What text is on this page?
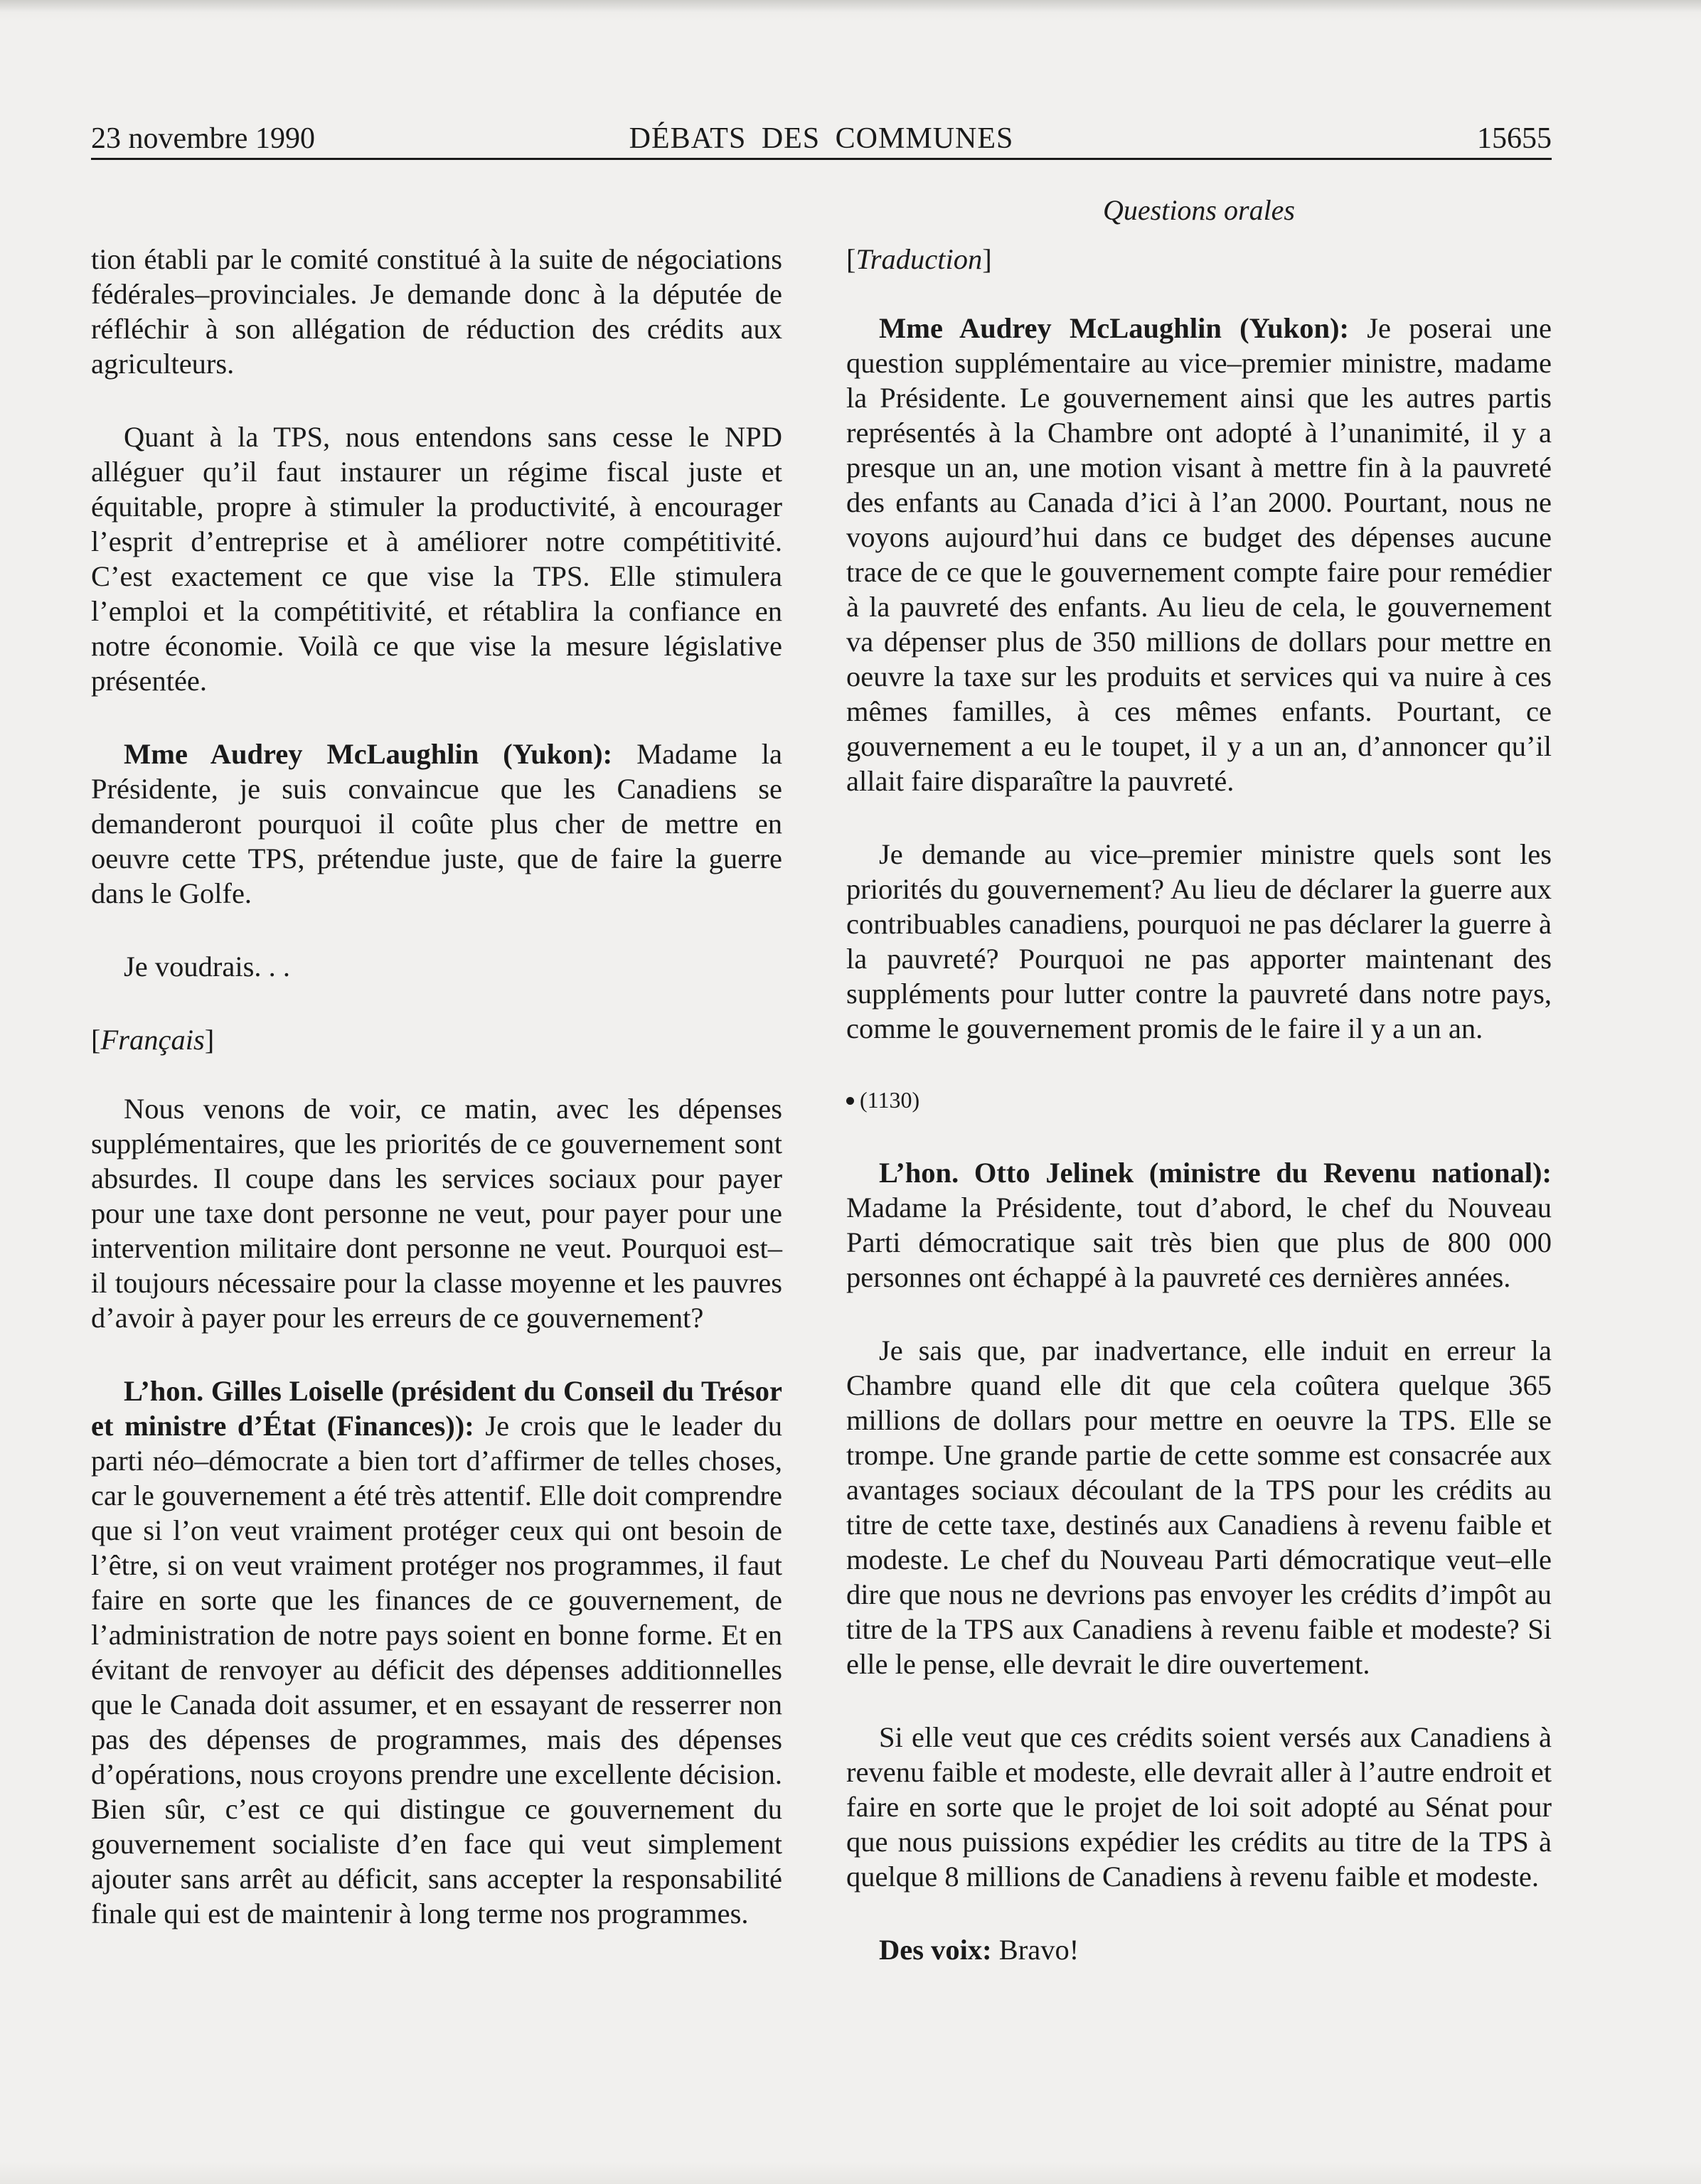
23 novembre 1990	DÉBATS DES COMMUNES	15655
Questions orales

tion établi par le comité constitué à la suite de négociations fédérales–provinciales. Je demande donc à la députée de réfléchir à son allégation de réduction des crédits aux agriculteurs.

Quant à la TPS, nous entendons sans cesse le NPD alléguer qu’il faut instaurer un régime fiscal juste et équitable, propre à stimuler la productivité, à encourager l’esprit d’entreprise et à améliorer notre compétitivité. C’est exactement ce que vise la TPS. Elle stimulera l’emploi et la compétitivité, et rétablira la confiance en notre économie. Voilà ce que vise la mesure législative présentée.

Mme Audrey McLaughlin (Yukon): Madame la Présidente, je suis convaincue que les Canadiens se demanderont pourquoi il coûte plus cher de mettre en oeuvre cette TPS, prétendue juste, que de faire la guerre dans le Golfe.

Je voudrais. . .

[Français]

Nous venons de voir, ce matin, avec les dépenses supplémentaires, que les priorités de ce gouvernement sont absurdes. Il coupe dans les services sociaux pour payer pour une taxe dont personne ne veut, pour payer pour une intervention militaire dont personne ne veut. Pourquoi est–il toujours nécessaire pour la classe moyenne et les pauvres d’avoir à payer pour les erreurs de ce gouvernement?

L’hon. Gilles Loiselle (président du Conseil du Trésor et ministre d’État (Finances)): Je crois que le leader du parti néo–démocrate a bien tort d’affirmer de telles choses, car le gouvernement a été très attentif. Elle doit comprendre que si l’on veut vraiment protéger ceux qui ont besoin de l’être, si on veut vraiment protéger nos programmes, il faut faire en sorte que les finances de ce gouvernement, de l’administration de notre pays soient en bonne forme. Et en évitant de renvoyer au déficit des dépenses additionnelles que le Canada doit assumer, et en essayant de resserrer non pas des dépenses de programmes, mais des dépenses d’opérations, nous croyons prendre une excellente décision. Bien sûr, c’est ce qui distingue ce gouvernement du gouvernement socialiste d’en face qui veut simplement ajouter sans arrêt au déficit, sans accepter la responsabilité finale qui est de maintenir à long terme nos programmes.

[Traduction]

Mme Audrey McLaughlin (Yukon): Je poserai une question supplémentaire au vice–premier ministre, madame la Présidente. Le gouvernement ainsi que les autres partis représentés à la Chambre ont adopté à l’unanimité, il y a presque un an, une motion visant à mettre fin à la pauvreté des enfants au Canada d’ici à l’an 2000. Pourtant, nous ne voyons aujourd’hui dans ce budget des dépenses aucune trace de ce que le gouvernement compte faire pour remédier à la pauvreté des enfants. Au lieu de cela, le gouvernement va dépenser plus de 350 millions de dollars pour mettre en oeuvre la taxe sur les produits et services qui va nuire à ces mêmes familles, à ces mêmes enfants. Pourtant, ce gouvernement a eu le toupet, il y a un an, d’annoncer qu’il allait faire disparaître la pauvreté.

Je demande au vice–premier ministre quels sont les priorités du gouvernement? Au lieu de déclarer la guerre aux contribuables canadiens, pourquoi ne pas déclarer la guerre à la pauvreté? Pourquoi ne pas apporter maintenant des suppléments pour lutter contre la pauvreté dans notre pays, comme le gouvernement promis de le faire il y a un an.

(1130)

L’hon. Otto Jelinek (ministre du Revenu national): Madame la Présidente, tout d’abord, le chef du Nouveau Parti démocratique sait très bien que plus de 800 000 personnes ont échappé à la pauvreté ces dernières années.

Je sais que, par inadvertance, elle induit en erreur la Chambre quand elle dit que cela coûtera quelque 365 millions de dollars pour mettre en oeuvre la TPS. Elle se trompe. Une grande partie de cette somme est consacrée aux avantages sociaux découlant de la TPS pour les crédits au titre de cette taxe, destinés aux Canadiens à revenu faible et modeste. Le chef du Nouveau Parti démocratique veut–elle dire que nous ne devrions pas envoyer les crédits d’impôt au titre de la TPS aux Canadiens à revenu faible et modeste? Si elle le pense, elle devrait le dire ouvertement.

Si elle veut que ces crédits soient versés aux Canadiens à revenu faible et modeste, elle devrait aller à l’autre endroit et faire en sorte que le projet de loi soit adopté au Sénat pour que nous puissions expédier les crédits au titre de la TPS à quelque 8 millions de Canadiens à revenu faible et modeste.

Des voix: Bravo!
